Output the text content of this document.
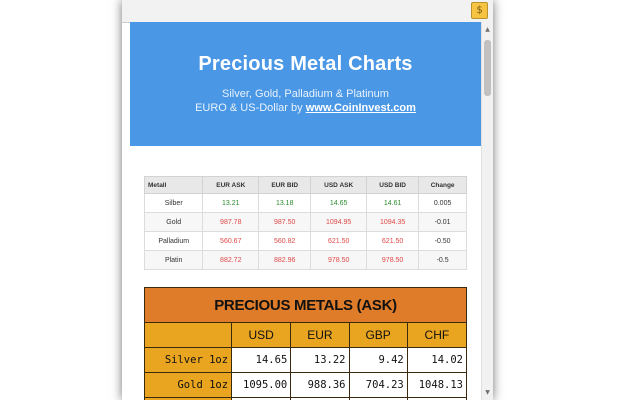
$
Precious Metal Charts
Silver, Gold, Palladium & Platinum
EURO & US-Dollar by www.CoinInvest.com
Metall	EUR ASK	EUR BID	USD ASK	USD BID	Change
Silber	13.21	13.18	14.65	14.61	0.005
Gold	987.78	987.50	1094.95	1094.35	-0.01
Palladium	560.67	560.82	621.50	621.50	-0.50
Platin	882.72	882.96	978.50	978.50	-0.5
PRECIOUS METALS (ASK)				
	USD	EUR	GBP	CHF
Silver 1oz	14.65	13.22	9.42	14.02
Gold 1oz	1095.00	988.36	704.23	1048.13

▲
▼
